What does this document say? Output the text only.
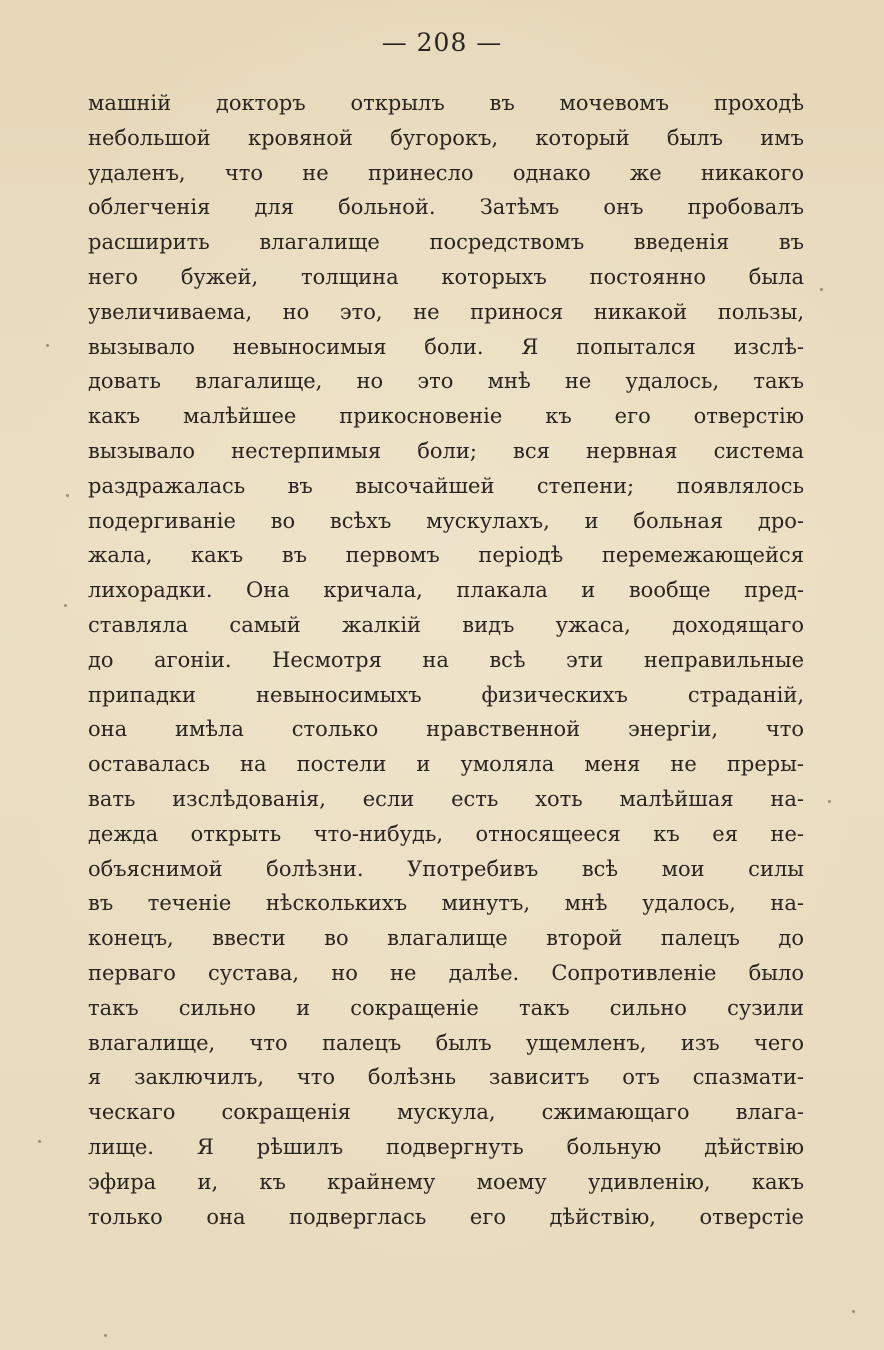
— 208 —
машній докторъ открылъ въ мочевомъ проходѣ
небольшой кровяной бугорокъ, который былъ имъ
удаленъ, что не принесло однако же никакого
облегченія для больной. Затѣмъ онъ пробовалъ
расширить влагалище посредствомъ введенія въ
него бужей, толщина которыхъ постоянно была
увеличиваема, но это, не принося никакой пользы,
вызывало невыносимыя боли. Я попытался изслѣ-
довать влагалище, но это мнѣ не удалось, такъ
какъ малѣйшее прикосновеніе къ его отверстію
вызывало нестерпимыя боли; вся нервная система
раздражалась въ высочайшей степени; появлялось
подергиваніе во всѣхъ мускулахъ, и больная дро-
жала, какъ въ первомъ періодѣ перемежающейся
лихорадки. Она кричала, плакала и вообще пред-
ставляла самый жалкій видъ ужаса, доходящаго
до агоніи. Несмотря на всѣ эти неправильные
припадки невыносимыхъ физическихъ страданій,
она имѣла столько нравственной энергіи, что
оставалась на постели и умоляла меня не преры-
вать изслѣдованія, если есть хоть малѣйшая на-
дежда открыть что-нибудь, относящееся къ ея не-
объяснимой болѣзни. Употребивъ всѣ мои силы
въ теченіе нѣсколькихъ минутъ, мнѣ удалось, на-
конецъ, ввести во влагалище второй палецъ до
перваго сустава, но не далѣе. Сопротивленіе было
такъ сильно и сокращеніе такъ сильно сузили
влагалище, что палецъ былъ ущемленъ, изъ чего
я заключилъ, что болѣзнь зависитъ отъ спазмати-
ческаго сокращенія мускула, сжимающаго влага-
лище. Я рѣшилъ подвергнуть больную дѣйствію
эфира и, къ крайнему моему удивленію, какъ
только она подверглась его дѣйствію, отверстіе
